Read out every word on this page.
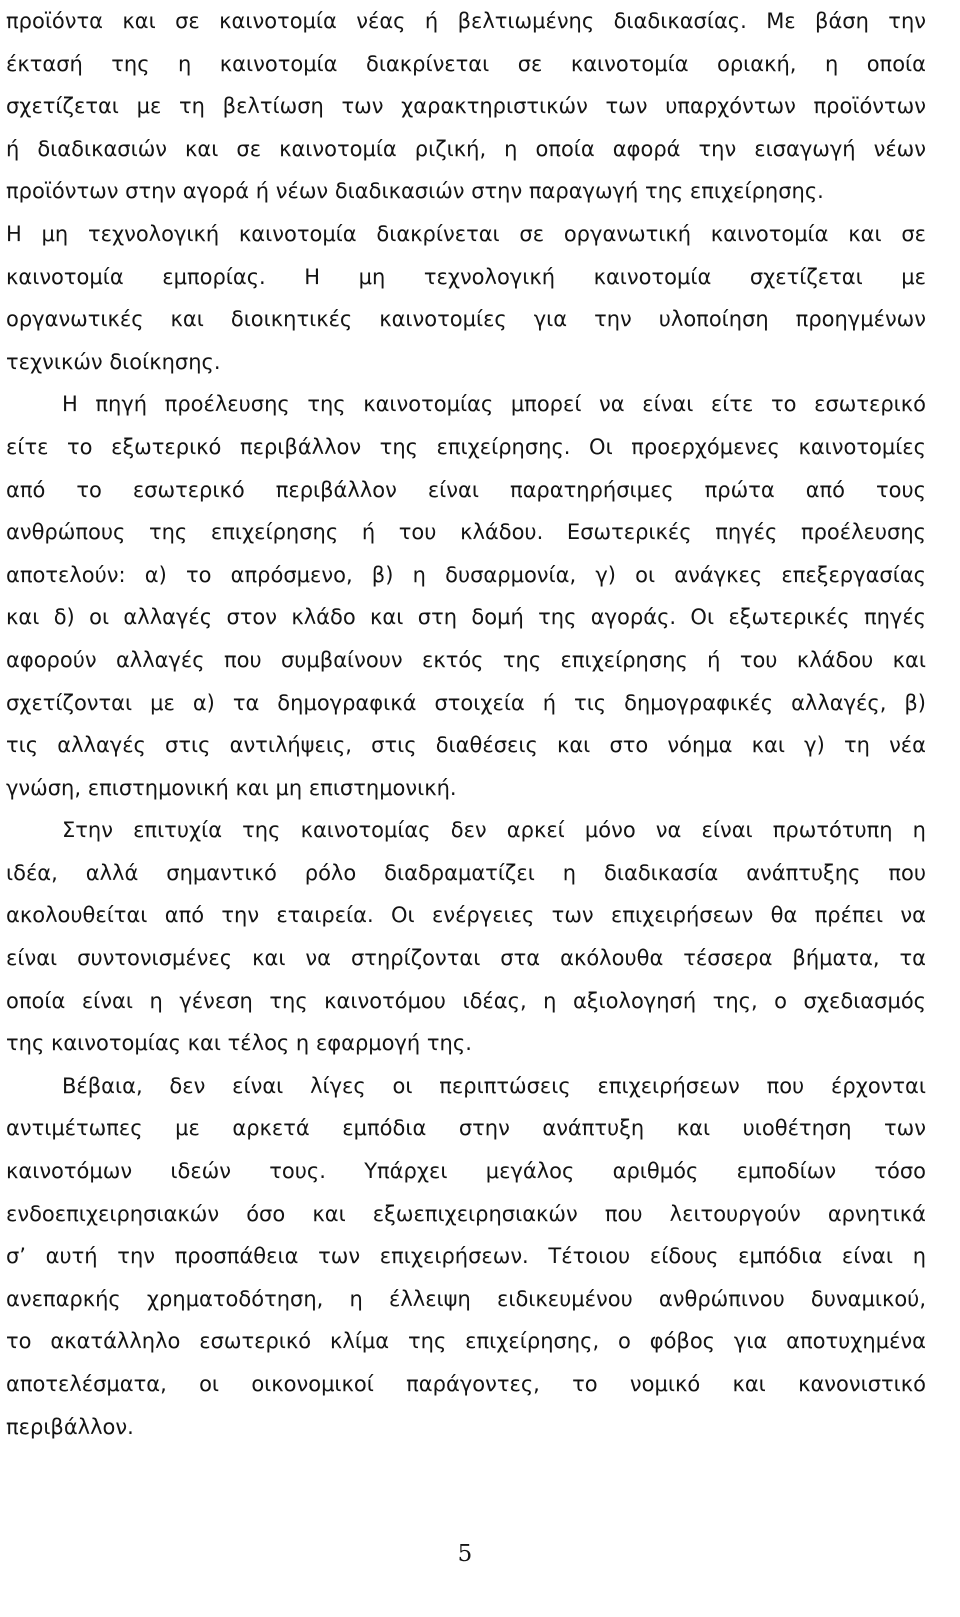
προϊόντα και σε καινοτομία νέας ή βελτιωμένης διαδικασίας. Με βάση την
έκτασή της η καινοτομία διακρίνεται σε καινοτομία οριακή, η οποία
σχετίζεται με τη βελτίωση των χαρακτηριστικών των υπαρχόντων προϊόντων
ή διαδικασιών και σε καινοτομία ριζική, η οποία αφορά την εισαγωγή νέων
προϊόντων στην αγορά ή νέων διαδικασιών στην παραγωγή της επιχείρησης.
Η μη τεχνολογική καινοτομία διακρίνεται σε οργανωτική καινοτομία και σε
καινοτομία εμπορίας. Η μη τεχνολογική καινοτομία σχετίζεται με
οργανωτικές και διοικητικές καινοτομίες για την υλοποίηση προηγμένων
τεχνικών διοίκησης.
Η πηγή προέλευσης της καινοτομίας μπορεί να είναι είτε το εσωτερικό
είτε το εξωτερικό περιβάλλον της επιχείρησης. Οι προερχόμενες καινοτομίες
από το εσωτερικό περιβάλλον είναι παρατηρήσιμες πρώτα από τους
ανθρώπους της επιχείρησης ή του κλάδου. Εσωτερικές πηγές προέλευσης
αποτελούν: α) το απρόσμενο, β) η δυσαρμονία, γ) οι ανάγκες επεξεργασίας
και δ) οι αλλαγές στον κλάδο και στη δομή της αγοράς. Οι εξωτερικές πηγές
αφορούν αλλαγές που συμβαίνουν εκτός της επιχείρησης ή του κλάδου και
σχετίζονται με α) τα δημογραφικά στοιχεία ή τις δημογραφικές αλλαγές, β)
τις αλλαγές στις αντιλήψεις, στις διαθέσεις και στο νόημα και γ) τη νέα
γνώση, επιστημονική και μη επιστημονική.
Στην επιτυχία της καινοτομίας δεν αρκεί μόνο να είναι πρωτότυπη η
ιδέα, αλλά σημαντικό ρόλο διαδραματίζει η διαδικασία ανάπτυξης που
ακολουθείται από την εταιρεία. Οι ενέργειες των επιχειρήσεων θα πρέπει να
είναι συντονισμένες και να στηρίζονται στα ακόλουθα τέσσερα βήματα, τα
οποία είναι η γένεση της καινοτόμου ιδέας, η αξιολογησή της, ο σχεδιασμός
της καινοτομίας και τέλος η εφαρμογή της.
Βέβαια, δεν είναι λίγες οι περιπτώσεις επιχειρήσεων που έρχονται
αντιμέτωπες με αρκετά εμπόδια στην ανάπτυξη και υιοθέτηση των
καινοτόμων ιδεών τους. Υπάρχει μεγάλος αριθμός εμποδίων τόσο
ενδοεπιχειρησιακών όσο και εξωεπιχειρησιακών που λειτουργούν αρνητικά
σ’ αυτή την προσπάθεια των επιχειρήσεων. Τέτοιου είδους εμπόδια είναι η
ανεπαρκής χρηματοδότηση, η έλλειψη ειδικευμένου ανθρώπινου δυναμικού,
το ακατάλληλο εσωτερικό κλίμα της επιχείρησης, ο φόβος για αποτυχημένα
αποτελέσματα, οι οικονομικοί παράγοντες, το νομικό και κανονιστικό
περιβάλλον.
5
